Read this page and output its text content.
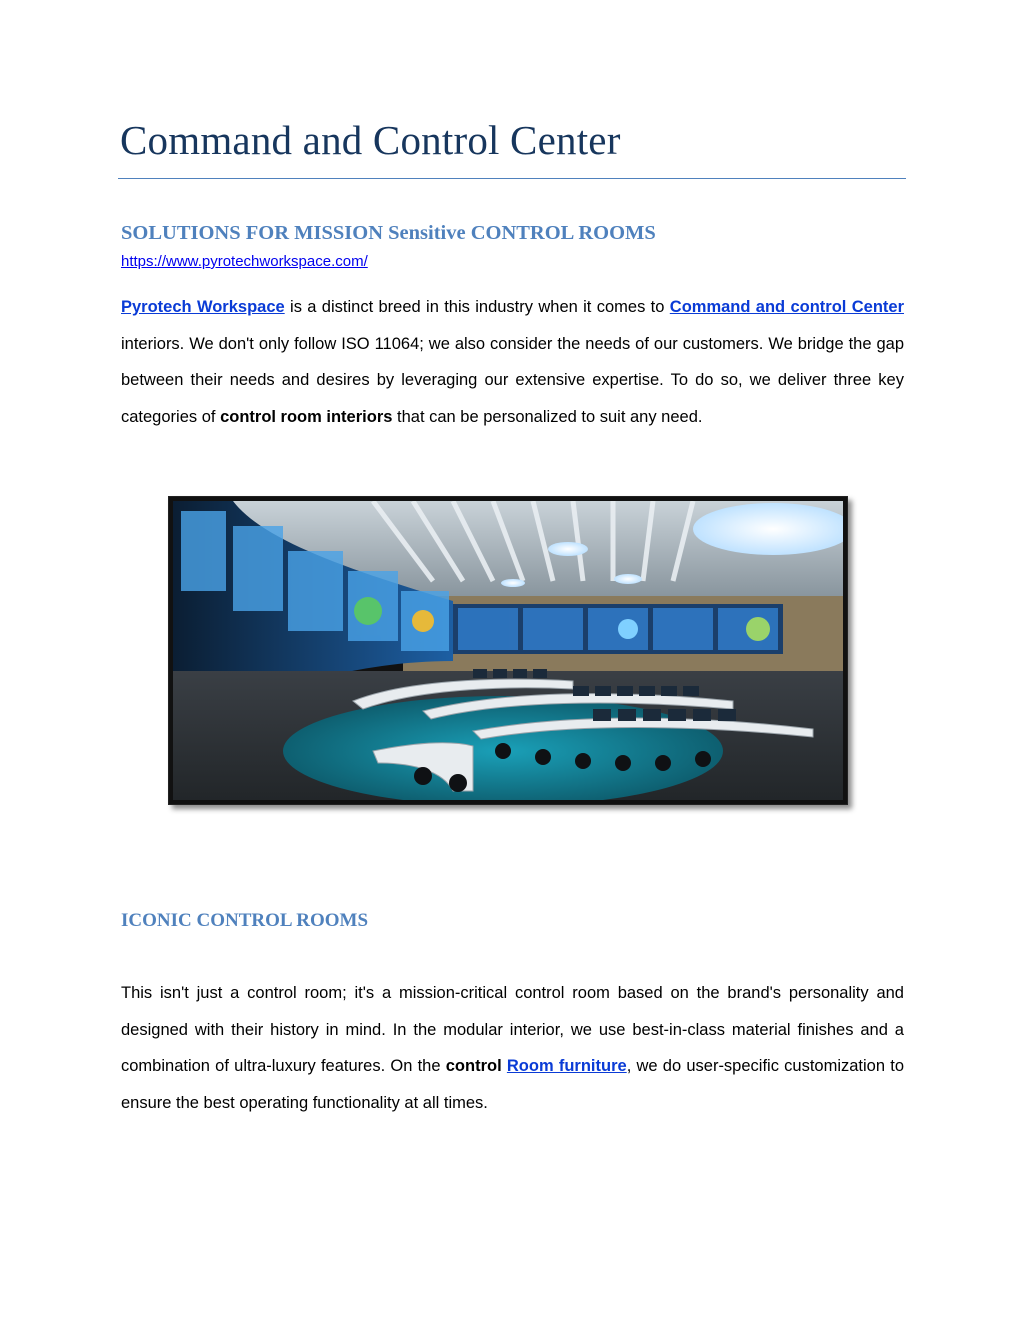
Command and Control Center
SOLUTIONS FOR MISSION Sensitive CONTROL ROOMS
https://www.pyrotechworkspace.com/

Pyrotech Workspace is a distinct breed in this industry when it comes to Command and control Center interiors. We don't only follow ISO 11064; we also consider the needs of our customers. We bridge the gap between their needs and desires by leveraging our extensive expertise. To do so, we deliver three key categories of control room interiors that can be personalized to suit any need.

ICONIC CONTROL ROOMS

This isn't just a control room; it's a mission-critical control room based on the brand's personality and designed with their history in mind. In the modular interior, we use best-in-class material finishes and a combination of ultra-luxury features. On the control Room furniture, we do user-specific customization to ensure the best operating functionality at all times.
